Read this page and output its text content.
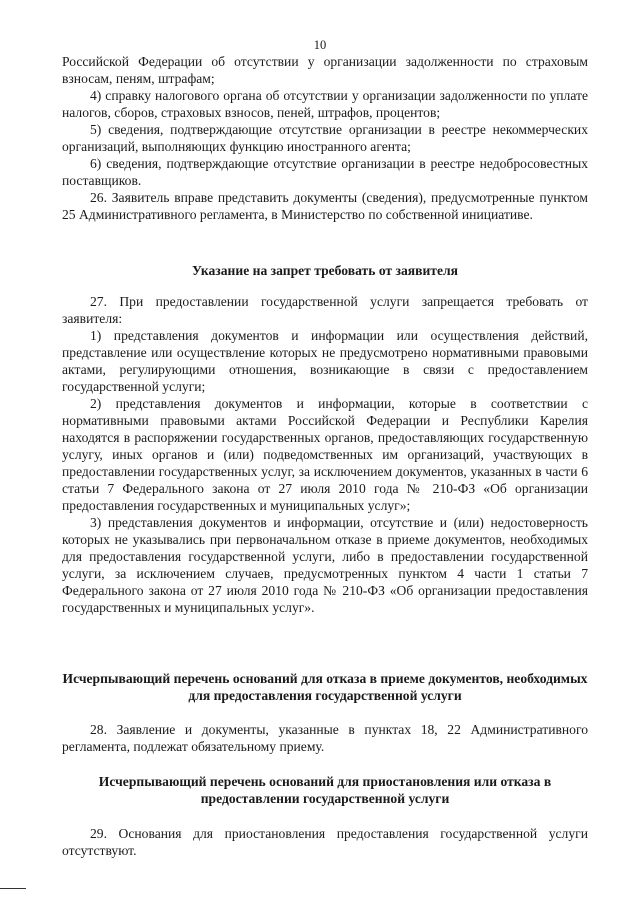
10

Российской Федерации об отсутствии у организации задолженности по страховым взносам, пеням, штрафам;

4) справку налогового органа об отсутствии у организации задолженности по уплате налогов, сборов, страховых взносов, пеней, штрафов, процентов;

5) сведения, подтверждающие отсутствие организации в реестре некоммерческих организаций, выполняющих функцию иностранного агента;

6) сведения, подтверждающие отсутствие организации в реестре недобросовестных поставщиков.

26. Заявитель вправе представить документы (сведения), предусмотренные пунктом 25 Административного регламента, в Министерство по собственной инициативе.

Указание на запрет требовать от заявителя

27. При предоставлении государственной услуги запрещается требовать от заявителя:

1) представления документов и информации или осуществления действий, представление или осуществление которых не предусмотрено нормативными правовыми актами, регулирующими отношения, возникающие в связи с предоставлением государственной услуги;

2) представления документов и информации, которые в соответствии с нормативными правовыми актами Российской Федерации и Республики Карелия находятся в распоряжении государственных органов, предоставляющих государственную услугу, иных органов и (или) подведомственных им организаций, участвующих в предоставлении государственных услуг, за исключением документов, указанных в части 6 статьи 7 Федерального закона от 27 июля 2010 года № 210-ФЗ «Об организации предоставления государственных и муниципальных услуг»;

3) представления документов и информации, отсутствие и (или) недостоверность которых не указывались при первоначальном отказе в приеме документов, необходимых для предоставления государственной услуги, либо в предоставлении государственной услуги, за исключением случаев, предусмотренных пунктом 4 части 1 статьи 7 Федерального закона от 27 июля 2010 года № 210-ФЗ «Об организации предоставления государственных и муниципальных услуг».

Исчерпывающий перечень оснований для отказа в приеме документов, необходимых для предоставления государственной услуги

28. Заявление и документы, указанные в пунктах 18, 22 Административного регламента, подлежат обязательному приему.

Исчерпывающий перечень оснований для приостановления или отказа в предоставлении государственной услуги

29. Основания для приостановления предоставления государственной услуги отсутствуют.
